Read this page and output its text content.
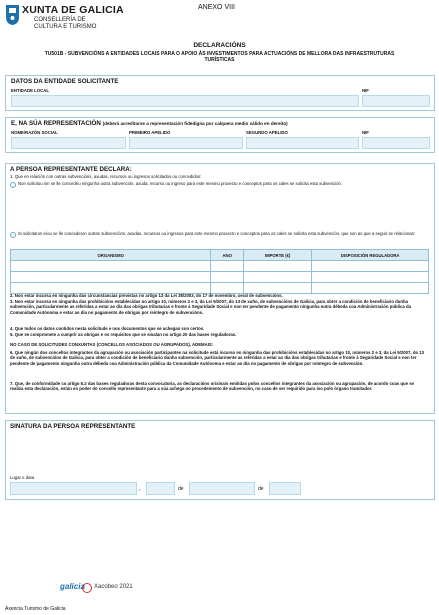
XUNTA DE GALICIA
CONSELLERÍA DE
CULTURA E TURISMO
ANEXO VIII
DECLARACIÓNS
TU501B - SUBVENCIÓNS A ENTIDADES LOCAIS PARA O APOIO ÁS INVESTIMENTOS PARA ACTUACIÓNS DE MELLORA DAS INFRAESTRUTURAS TURÍSTICAS
DATOS DA ENTIDADE SOLICITANTE
ENTIDADE LOCAL	NIF
E, NA SÚA REPRESENTACIÓN (deberá acreditarse a representación fidedigna por calquera medio válido en dereito)
NOME/RAZÓN SOCIAL	PRIMEIRO APELIDO	SEGUNDO APELIDO	NIF
A PERSOA REPRESENTANTE DECLARA:
1. Que en relación con outras subvencións, axudas, recursos ou ingresos solicitados ou concedidos:
Non solicitou nin se lle concedeu ningunha outra subvención, axuda, recurso ou ingreso para este mesmo proxecto e conceptos para os cales se solicita esta subvención.
Si solicitaron e/ou se lle concederon outras subvencións, axudas, recursos ou ingresos para este mesmo proxecto e conceptos para os cales se solicita esta subvención, que son as que a seguir se relacionan:
ORGANISMO	ANO	IMPORTE (€)	DISPOSICIÓN REGULADORA

2. Non estar incursa en ningunha das circunstancias previstas no artigo 13 da Lei 38/2003, do 17 de novembro, xeral de subvencións.
3. Non estar incursa en ningunha das prohibicións establecidas no artigo 10, números 2 e 3, da Lei 9/2007, do 13 de xuño, de subvencións de Galicia, para obter a condición de beneficiario dunha subvención, particularmente as referidas a estar ao día das obrigas tributarias e fronte á Seguridade Social e non ter pendente de pagamento ningunha outra débeda coa Administración pública da Comunidade Autónoma e estar ao día no pagamento de obrigas por reintegro de subvencións.
4. Que todos os datos contidos nesta solicitude e nos documentos que se achegan son certos.
5. Que se compromete a cumprir as obrigas e os requisitos que se sinalan no artigo 20 das bases reguladoras.
NO CASO DE SOLICITUDES CONXUNTAS (CONCELLOS ASOCIADOS OU AGRUPADOS), ADEMAIS:
6. Que ningún dos concellos integrantes da agrupación ou asociación participantes na solicitude está incurso en ningunha das prohibicións establecidas no artigo 10, números 2 e 3, da Lei 9/2007, do 13 de xuño, de subvencións de Galicia, para obter a condición de beneficiario dunha subvención, particularmente as referidas a estar ao día das obrigas tributarias e fronte á Seguridade Social e non ter pendente de pagamento ningunha outra débeda coa Administración pública da Comunidade Autónoma e estar ao día no pagamento de obrigas por reintegro de subvención.
7. Que, de conformidade co artigo 6.2 das bases reguladoras desta convocatoria, as declaracións orixinais emitidas polos concellos integrantes da asociación ou agrupación, de acordo coas que se realiza esta declaración, están en poder do concello representante para a súa achega no procedemento de subvención, no caso de ser requirido para iso polo órgano tramitador.
SINATURA DA PERSOA REPRESENTANTE
Lugar e data
,	de	de
galicia Xacobeo 2021
Axencia Turismo de Galicia
